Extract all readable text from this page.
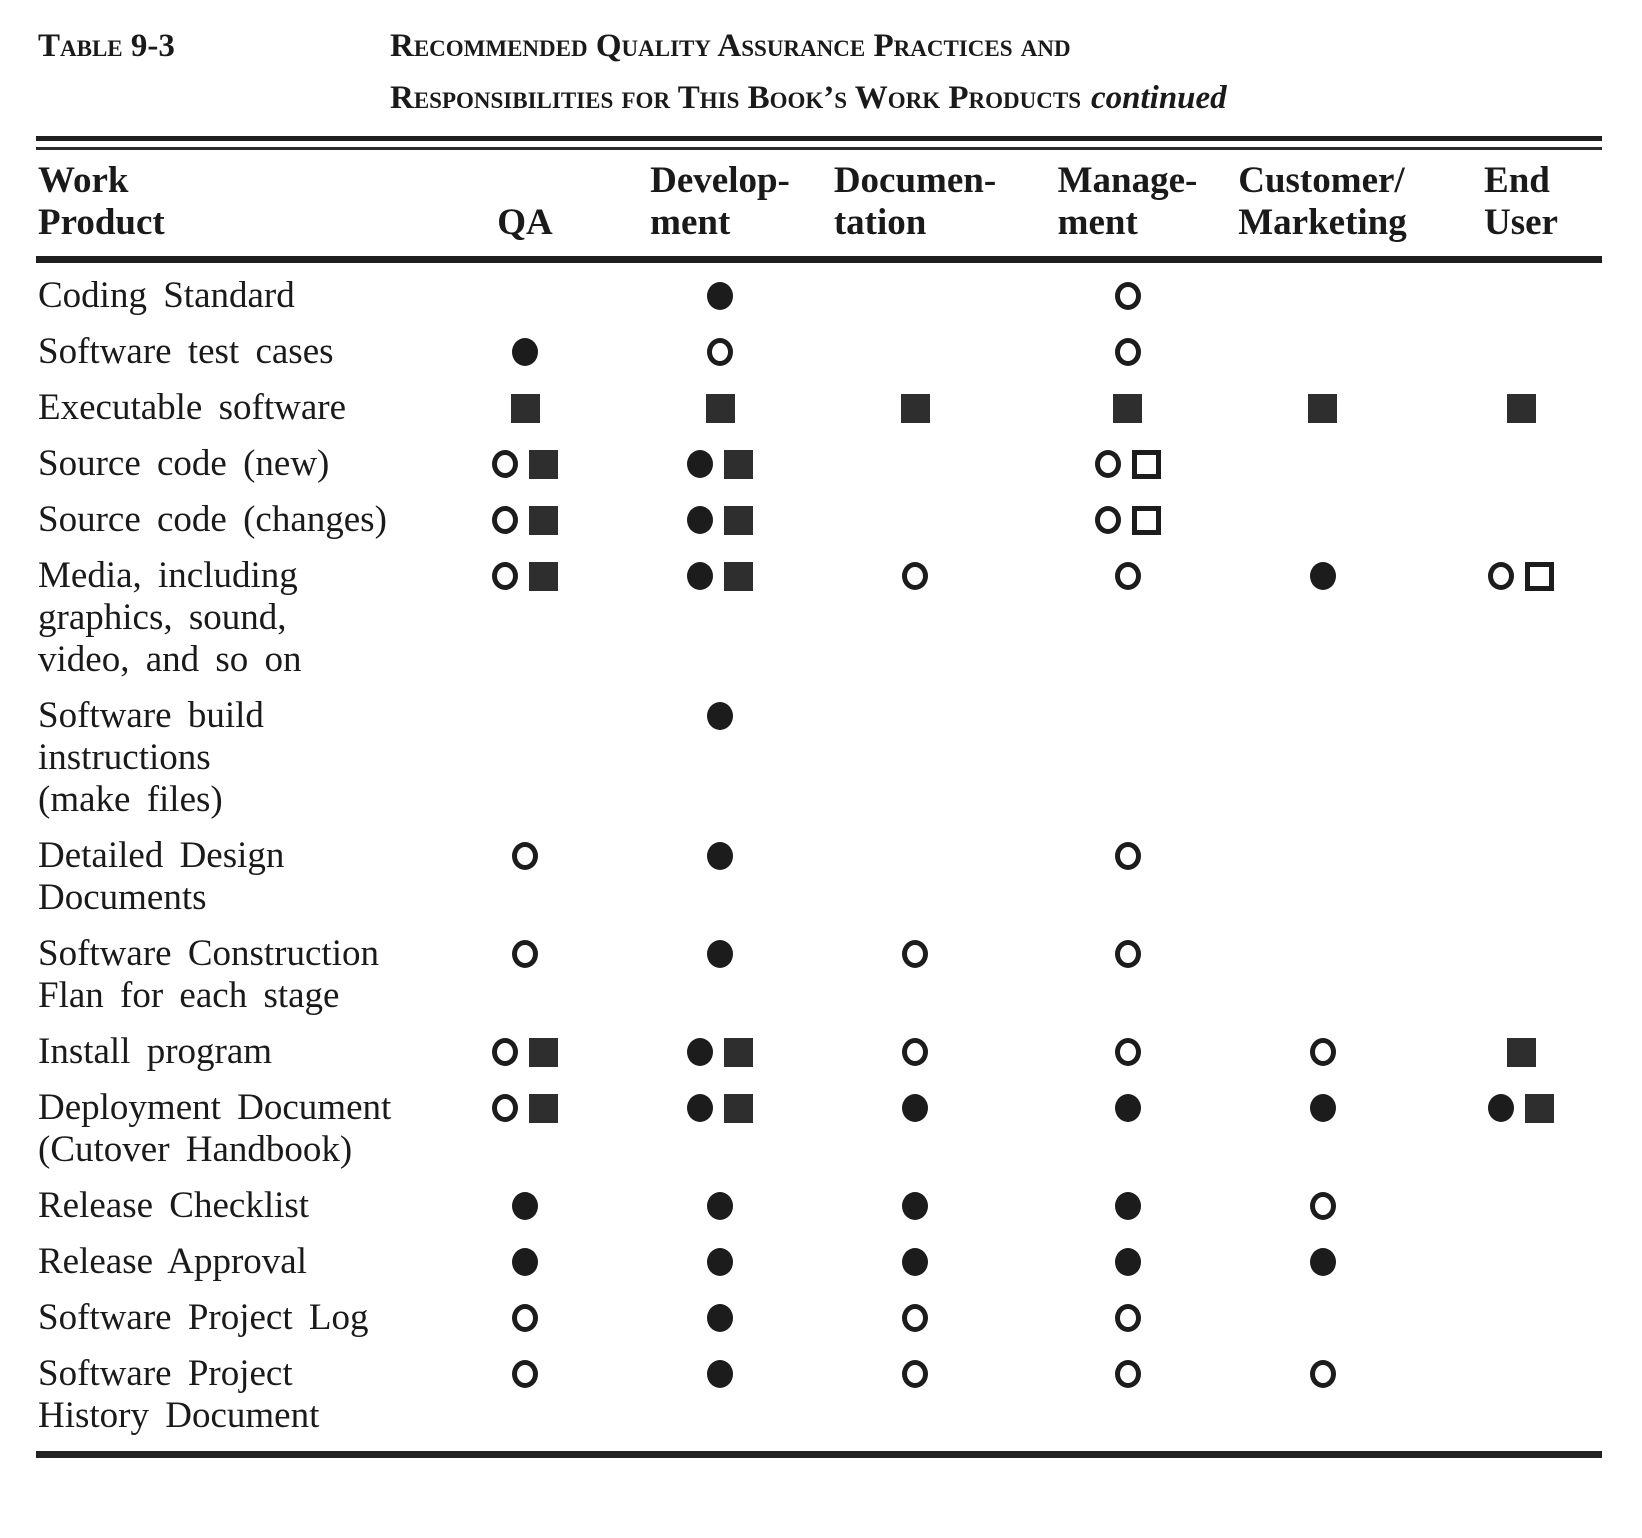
Table 9-3	Recommended Quality Assurance Practices and
Responsibilities for This Book’s Work Products continued
Work
Product	QA
Develop-
ment
Documen-
tation
Manage-
ment
Customer/
Marketing
End
User
Coding Standard
Software test cases
Executable software
Source code (new)
Source code (changes)
Media, including
graphics, sound,
video, and so on
Software build
instructions
(make files)
Detailed Design
Documents
Software Construction
Flan for each stage
Install program
Deployment Document
(Cutover Handbook)
Release Checklist
Release Approval
Software Project Log
Software Project
History Document
